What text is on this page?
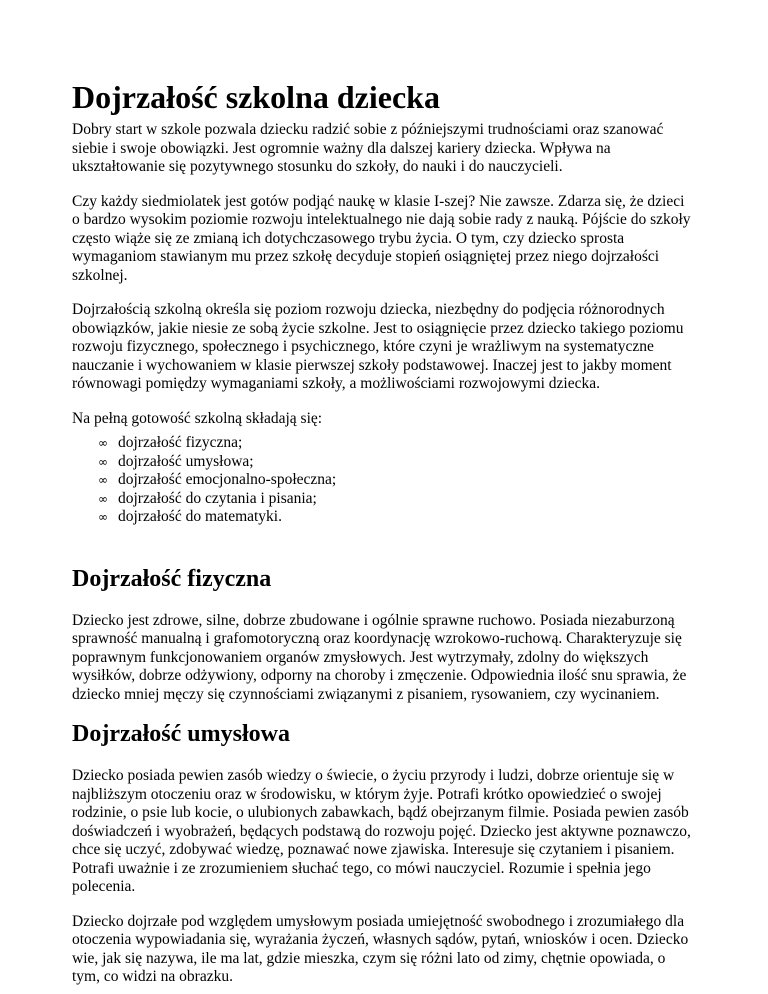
Dojrzałość szkolna dziecka

Dobry start w szkole pozwala dziecku radzić sobie z późniejszymi trudnościami oraz szanować siebie i swoje obowiązki. Jest ogromnie ważny dla dalszej kariery dziecka. Wpływa na ukształtowanie się pozytywnego stosunku do szkoły, do nauki i do nauczycieli.

Czy każdy siedmiolatek jest gotów podjąć naukę w klasie I-szej? Nie zawsze. Zdarza się, że dzieci o bardzo wysokim poziomie rozwoju intelektualnego nie dają sobie rady z nauką. Pójście do szkoły często wiąże się ze zmianą ich dotychczasowego trybu życia. O tym, czy dziecko sprosta wymaganiom stawianym mu przez szkołę decyduje stopień osiągniętej przez niego dojrzałości szkolnej.

Dojrzałością szkolną określa się poziom rozwoju dziecka, niezbędny do podjęcia różnorodnych obowiązków, jakie niesie ze sobą życie szkolne. Jest to osiągnięcie przez dziecko takiego poziomu rozwoju fizycznego, społecznego i psychicznego, które czyni je wrażliwym na systematyczne nauczanie i wychowaniem w klasie pierwszej szkoły podstawowej. Inaczej jest to jakby moment równowagi pomiędzy wymaganiami szkoły, a możliwościami rozwojowymi dziecka.

Na pełną gotowość szkolną składają się:

∞ dojrzałość fizyczna;
∞ dojrzałość umysłowa;
∞ dojrzałość emocjonalno-społeczna;
∞ dojrzałość do czytania i pisania;
∞ dojrzałość do matematyki.
Dojrzałość fizyczna

Dziecko jest zdrowe, silne, dobrze zbudowane i ogólnie sprawne ruchowo. Posiada niezaburzoną sprawność manualną i grafomotoryczną oraz koordynację wzrokowo-ruchową. Charakteryzuje się poprawnym funkcjonowaniem organów zmysłowych. Jest wytrzymały, zdolny do większych wysiłków, dobrze odżywiony, odporny na choroby i zmęczenie. Odpowiednia ilość snu sprawia, że dziecko mniej męczy się czynnościami związanymi z pisaniem, rysowaniem, czy wycinaniem.

Dojrzałość umysłowa

Dziecko posiada pewien zasób wiedzy o świecie, o życiu przyrody i ludzi, dobrze orientuje się w najbliższym otoczeniu oraz w środowisku, w którym żyje. Potrafi krótko opowiedzieć o swojej rodzinie, o psie lub kocie, o ulubionych zabawkach, bądź obejrzanym filmie. Posiada pewien zasób doświadczeń i wyobrażeń, będących podstawą do rozwoju pojęć. Dziecko jest aktywne poznawczo, chce się uczyć, zdobywać wiedzę, poznawać nowe zjawiska. Interesuje się czytaniem i pisaniem. Potrafi uważnie i ze zrozumieniem słuchać tego, co mówi nauczyciel. Rozumie i spełnia jego polecenia.

Dziecko dojrzałe pod względem umysłowym posiada umiejętność swobodnego i zrozumiałego dla otoczenia wypowiadania się, wyrażania życzeń, własnych sądów, pytań, wniosków i ocen. Dziecko wie, jak się nazywa, ile ma lat, gdzie mieszka, czym się różni lato od zimy, chętnie opowiada, o tym, co widzi na obrazku.
